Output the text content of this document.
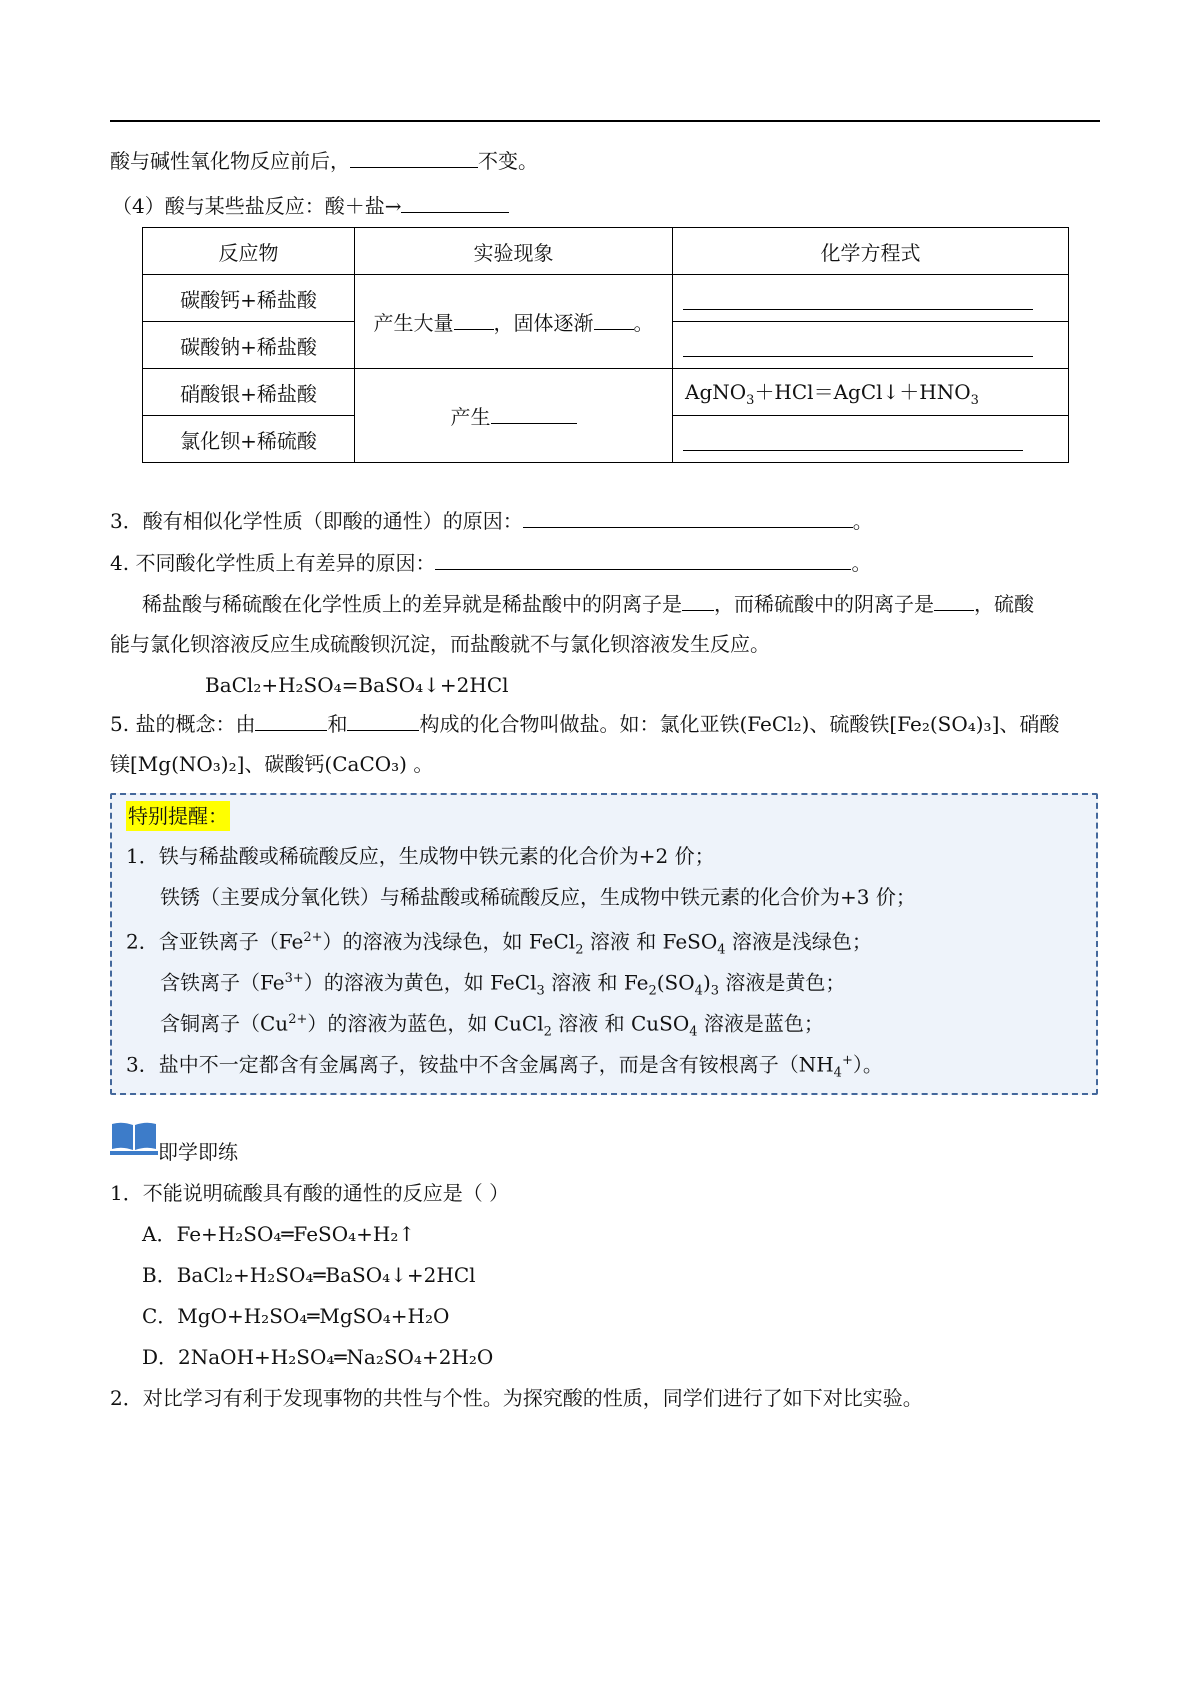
酸与碱性氧化物反应前后，	不变。
（4）酸与某些盐反应：酸＋盐→
反应物	实验现象	化学方程式
碳酸钙+稀盐酸	产生大量 ，固体逐渐 。	

碳酸钠+稀盐酸		

硝酸银+稀盐酸	产生	$AgNO_3+HCl=AgCl↓+HNO_3$
氯化钡+稀硫酸		
3．酸有相似化学性质（即酸的通性）的原因：	。
4. 不同酸化学性质上有差异的原因：	。
稀盐酸与稀硫酸在化学性质上的差异就是稀盐酸中的阴离子是 ，而稀硫酸中的阴离子是 ，硫酸
能与氯化钡溶液反应生成硫酸钡沉淀，而盐酸就不与氯化钡溶液发生反应。
BaCl₂+H₂SO₄=BaSO₄↓+2HCl
5. 盐的概念：由	和	构成的化合物叫做盐。如：氯化亚铁(FeCl₂)、硫酸铁[Fe₂(SO₄)₃]、硝酸
镁[Mg(NO₃)₂]、碳酸钙(CaCO₃) 。
特别提醒：
1．铁与稀盐酸或稀硫酸反应，生成物中铁元素的化合价为+2 价；
铁锈（主要成分氧化铁）与稀盐酸或稀硫酸反应，生成物中铁元素的化合价为+3 价；
2．含亚铁离子$(Fe^{2+})$的溶液为浅绿色，如 FeCl$_2$ 溶液 和 FeSO$_4$ 溶液是浅绿色；
含铁离子$(Fe^{3+})$的溶液为黄色，如 FeCl$_3$ 溶液 和 $Fe_2(SO_4)_3$ 溶液是黄色；
含铜离子$(Cu^{2+})$的溶液为蓝色，如 CuCl$_2$ 溶液 和 CuSO$_4$ 溶液是蓝色；
3．盐中不一定都含有金属离子，铵盐中不含金属离子，而是含有铵根离子$(NH_4^+)$。
即学即练
1．不能说明硫酸具有酸的通性的反应是（ ）
A．Fe+H₂SO₄═FeSO₄+H₂↑
B．BaCl₂+H₂SO₄═BaSO₄↓+2HCl
C．MgO+H₂SO₄═MgSO₄+H₂O
D．2NaOH+H₂SO₄═Na₂SO₄+2H₂O
2．对比学习有利于发现事物的共性与个性。为探究酸的性质，同学们进行了如下对比实验。
